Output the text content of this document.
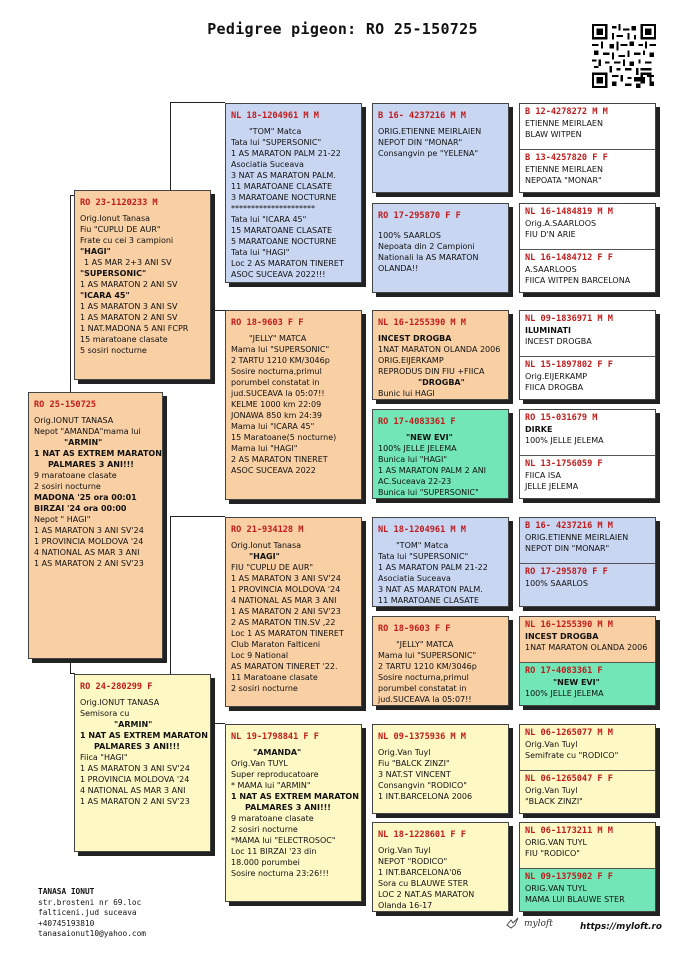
Pedigree pigeon: RO 25-150725
RO 25-150725
Orig.IONUT TANASA
Nepot "AMANDA"mama lui
"ARMIN"
1 NAT AS EXTREM MARATON
PALMARES 3 ANI!!!
9 maratoane clasate
2 sosiri nocturne
MADONA '25 ora 00:01
BIRZAI '24 ora 00:00
Nepot " HAGI"
1 AS MARATON 3 ANI SV'24
1 PROVINCIA MOLDOVA '24
4 NATIONAL AS MAR 3 ANI
1 AS MARATON 2 ANI SV'23
RO 23-1120233 M
Orig.Ionut Tanasa
Fiu "CUPLU DE AUR"
Frate cu cei 3 campioni
"HAGI"
1 AS MAR 2+3 ANI SV
"SUPERSONIC"
1 AS MARATON 2 ANI SV
"ICARA 45"
1 AS MARATON 3 ANI SV
1 AS MARATON 2 ANI SV
1 NAT.MADONA 5 ANI FCPR
15 maratoane clasate
5 sosiri nocturne
RO 24-280299 F
Orig.IONUT TANASA
Semisora cu
"ARMIN"
1 NAT AS EXTREM MARATON
PALMARES 3 ANI!!!
Fiica "HAGI"
1 AS MARATON 3 ANI SV'24
1 PROVINCIA MOLDOVA '24
4 NATIONAL AS MAR 3 ANI
1 AS MARATON 2 ANI SV'23
NL 18-1204961 M M
"TOM" Matca
Tata lui "SUPERSONIC"
1 AS MARATON PALM 21-22
Asociatia Suceava
3 NAT AS MARATON PALM.
11 MARATOANE CLASATE
3 MARATOANE NOCTURNE
*********************
Tata lui "ICARA 45"
15 MARATOANE CLASATE
5 MARATOANE NOCTURNE
Tata lui "HAGI"
Loc 2 AS MARATON TINERET
ASOC SUCEAVA 2022!!!
RO 18-9603 F F
"JELLY" MATCA
Mama lui "SUPERSONIC"
2 TARTU 1210 KM/3046p
Sosire nocturna,primul
porumbel constatat in
jud.SUCEAVA la 05:07!!
KELME 1000 km 22:09
JONAWA 850 km 24:39
Mama lui "ICARA 45"
15 Maratoane(5 nocturne)
Mama lui "HAGI"
2 AS MARATON TINERET
ASOC SUCEAVA 2022
RO 21-934128 M
Orig.Ionut Tanasa
"HAGI"
FIU "CUPLU DE AUR"
1 AS MARATON 3 ANI SV'24
1 PROVINCIA MOLDOVA '24
4 NATIONAL AS MAR 3 ANI
1 AS MARATON 2 ANI SV'23
2 AS MARATON TIN.SV ,22
Loc 1 AS MARATON TINERET
Club Maraton Falticeni
Loc 9 National
AS MARATON TINERET '22.
11 Maratoane clasate
2 sosiri nocturne
NL 19-1798841 F F
"AMANDA"
Orig.Van TUYL
Super reproducatoare
* MAMA lui "ARMIN"
1 NAT AS EXTREM MARATON
PALMARES 3 ANI!!!
9 maratoane clasate
2 sosiri nocturne
*MAMA lui "ELECTROSOC"
Loc 11 BIRZAI '23 din
18.000 porumbei
Sosire nocturna 23:26!!!
B 16- 4237216 M M
ORIG.ETIENNE MEIRLAIEN
NEPOT DIN "MONAR"
Consangvin pe "YELENA"
RO 17-295870 F F
100% SAARLOS
Nepoata din 2 Campioni
Nationali la AS MARATON
OLANDA!!
NL 16-1255390 M M
INCEST DROGBA
1NAT MARATON OLANDA 2006
ORIG.EIJERKAMP
REPRODUS DIN FIU +FIICA
"DROGBA"
Bunic lui HAGI
RO 17-4083361 F
"NEW EVI"
100% JELLE JELEMA
Bunica lui "HAGI"
1 AS MARATON PALM 2 ANI
AC.Suceava 22-23
Bunica lui "SUPERSONIC"
NL 18-1204961 M M
"TOM" Matca
Tata lui "SUPERSONIC"
1 AS MARATON PALM 21-22
Asociatia Suceava
3 NAT AS MARATON PALM.
11 MARATOANE CLASATE
RO 18-9603 F F
"JELLY" MATCA
Mama lui "SUPERSONIC"
2 TARTU 1210 KM/3046p
Sosire nocturna,primul
porumbel constatat in
jud.SUCEAVA la 05:07!!
NL 09-1375936 M M
Orig.Van Tuyl
Fiu "BALCK ZINZI"
3 NAT.ST VINCENT
Consangvin "RODICO"
1 INT.BARCELONA 2006
NL 18-1228601 F F
Orig.Van Tuyl
NEPOT "RODICO"
1 INT.BARCELONA'06
Sora cu BLAUWE STER
LOC 2 NAT.AS MARATON
Olanda 16-17
B 12-4278272 M M
ETIENNE MEIRLAEN
BLAW WITPEN
B 13-4257820 F F
ETIENNE MEIRLAEN
NEPOATA "MONAR"
NL 16-1484819 M M
Orig.A.SAARLOOS
FIU D'N ARIE
NL 16-1484712 F F
A.SAARLOOS
FIICA WITPEN BARCELONA
NL 09-1836971 M M
ILUMINATI
INCEST DROGBA
NL 15-1897802 F F
Orig.EIJERKAMP
FIICA DROGBA
RO 15-031679 M
DIRKE
100% JELLE JELEMA
NL 13-1756059 F
FIICA ISA
JELLE JELEMA
B 16- 4237216 M M
ORIG.ETIENNE MEIRLAIEN
NEPOT DIN "MONAR"
RO 17-295870 F F
100% SAARLOS
NL 16-1255390 M M
INCEST DROGBA
1NAT MARATON OLANDA 2006
RO 17-4083361 F
"NEW EVI"
100% JELLE JELEMA
NL 06-1265077 M M
Orig.Van Tuyl
Semifrate cu "RODICO"
NL 06-1265047 F F
Orig.Van Tuyl
"BLACK ZINZI"
NL 06-1173211 M M
ORIG.VAN TUYL
FIU "RODICO"
NL 09-1375902 F F
ORIG.VAN TUYL
MAMA LUI BLAUWE STER
TANASA IONUT
str.brosteni nr 69.loc
falticeni.jud suceava
+40745193810
tanasaionut10@yahoo.com
myloft	https://myloft.ro
